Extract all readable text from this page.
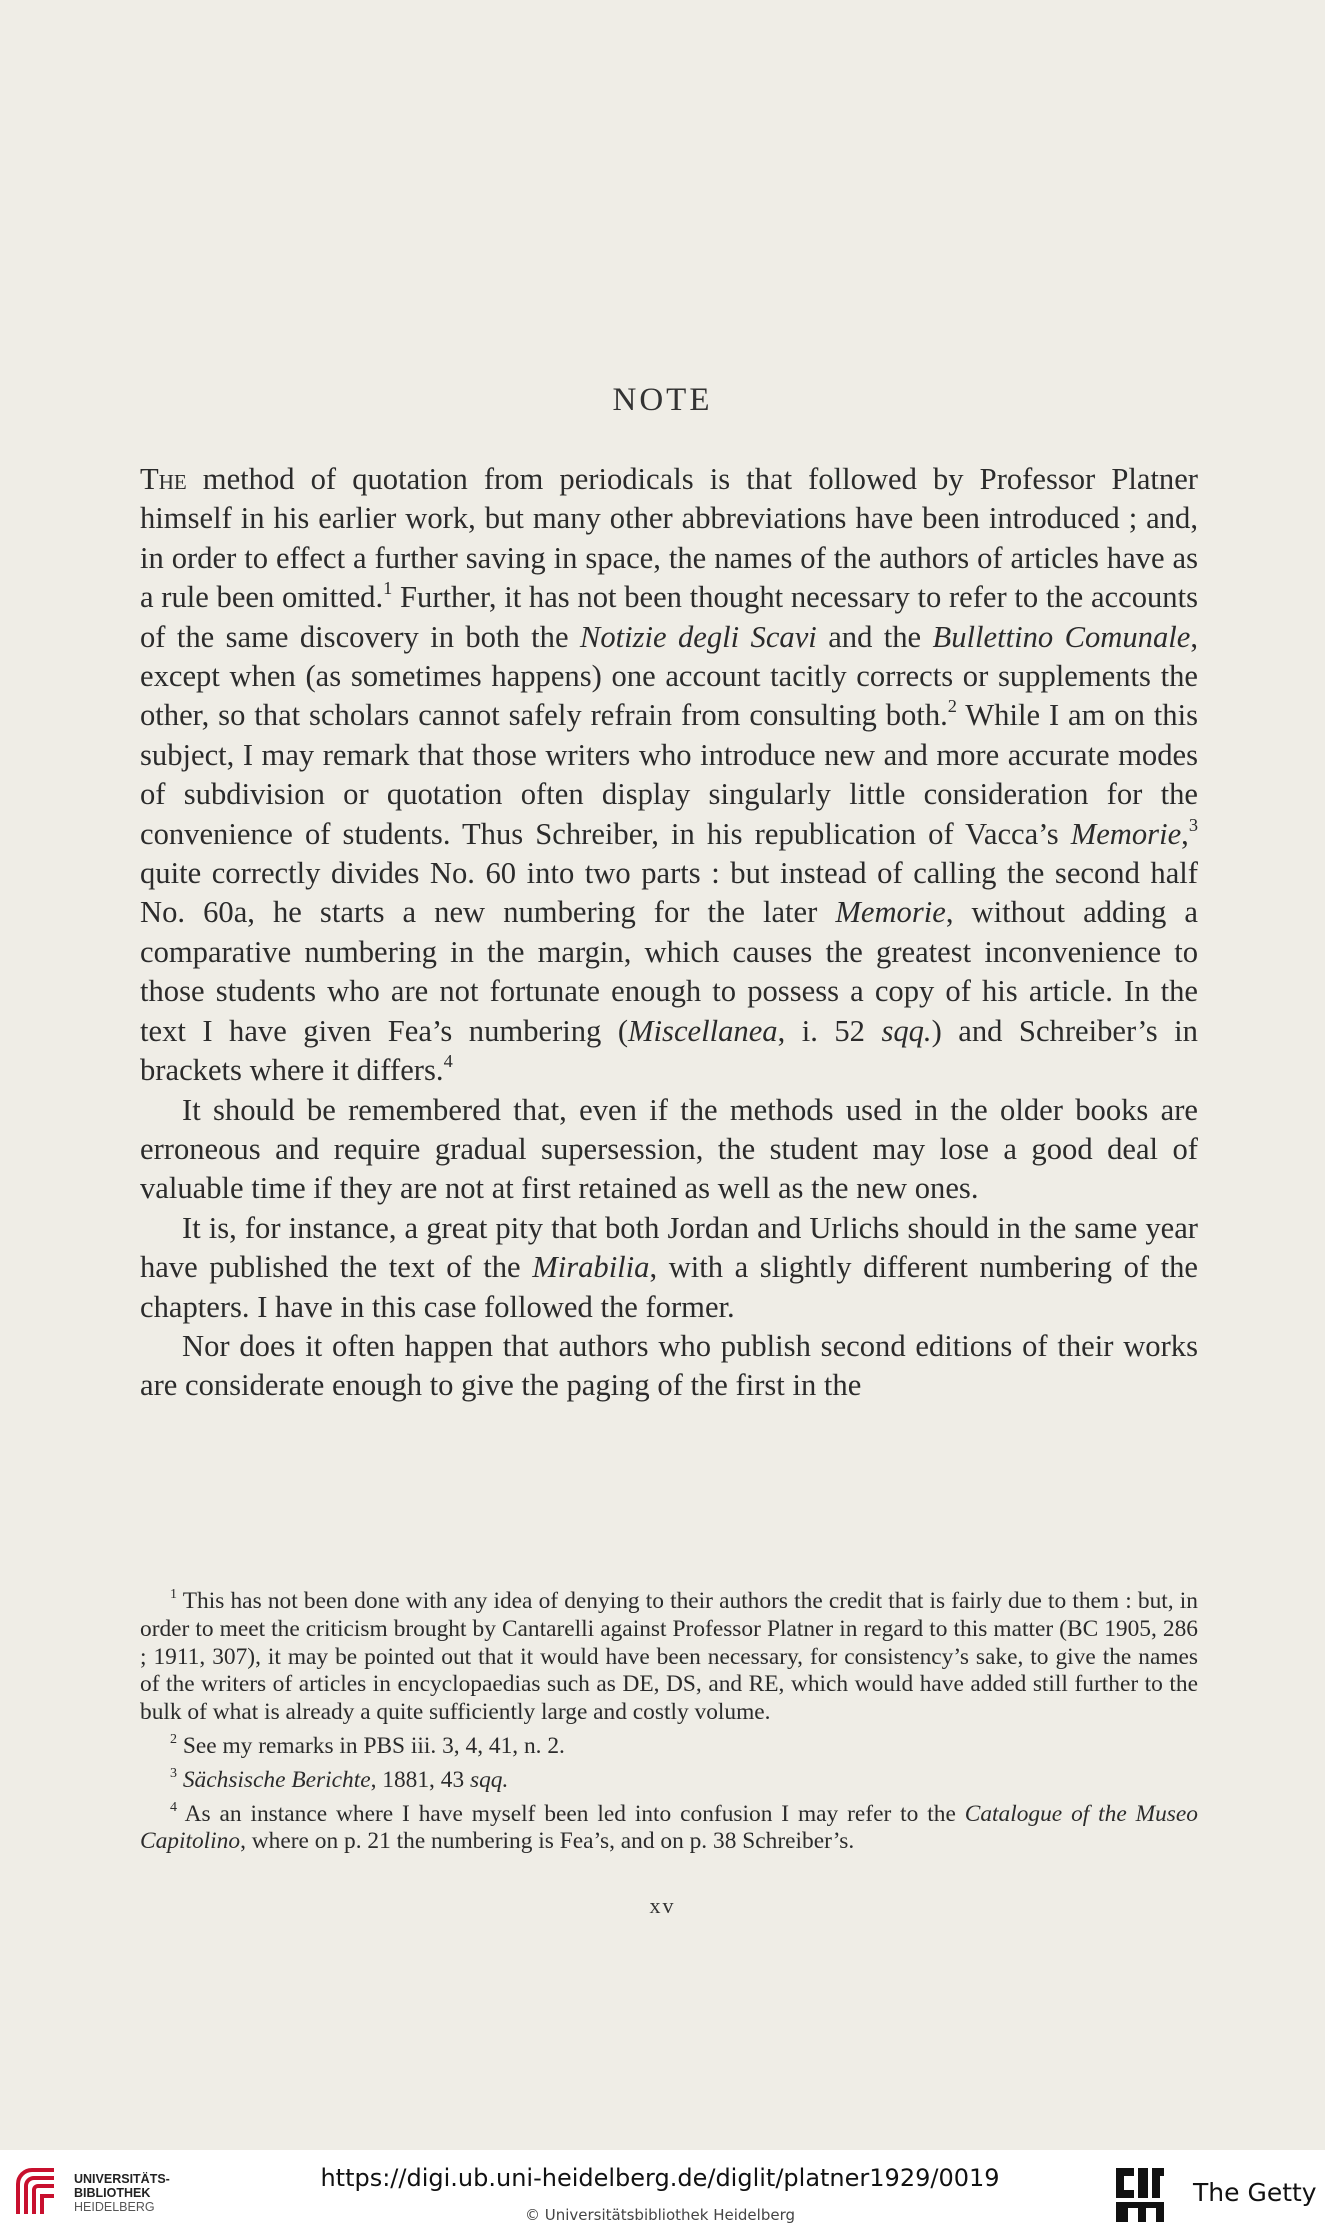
NOTE

The method of quotation from periodicals is that followed by Professor Platner himself in his earlier work, but many other abbreviations have been introduced ; and, in order to effect a further saving in space, the names of the authors of articles have as a rule been omitted.$^1$ Further, it has not been thought necessary to refer to the accounts of the same discovery in both the Notizie degli Scavi and the Bullettino Comunale, except when (as sometimes happens) one account tacitly corrects or supplements the other, so that scholars cannot safely refrain from consulting both.$^2$ While I am on this subject, I may remark that those writers who introduce new and more accurate modes of subdivision or quotation often display singularly little consideration for the convenience of students. Thus Schreiber, in his republication of Vacca’s Memorie,$^3$ quite correctly divides No. 60 into two parts : but instead of calling the second half No. 60a, he starts a new numbering for the later Memorie, without adding a comparative numbering in the margin, which causes the greatest inconvenience to those students who are not fortunate enough to possess a copy of his article. In the text I have given Fea’s numbering (Miscellanea, i. 52 sqq.) and Schreiber’s in brackets where it differs.$^4$

It should be remembered that, even if the methods used in the older books are erroneous and require gradual supersession, the student may lose a good deal of valuable time if they are not at first retained as well as the new ones.

It is, for instance, a great pity that both Jordan and Urlichs should in the same year have published the text of the Mirabilia, with a slightly different numbering of the chapters. I have in this case followed the former.

Nor does it often happen that authors who publish second editions of their works are considerate enough to give the paging of the first in the

$^1$ This has not been done with any idea of denying to their authors the credit that is fairly due to them : but, in order to meet the criticism brought by Cantarelli against Professor Platner in regard to this matter (BC 1905, 286 ; 1911, 307), it may be pointed out that it would have been necessary, for consistency’s sake, to give the names of the writers of articles in encyclopaedias such as DE, DS, and RE, which would have added still further to the bulk of what is already a quite sufficiently large and costly volume.

$^2$ See my remarks in PBS iii. 3, 4, 41, n. 2.

$^3$ Sächsische Berichte, 1881, 43 sqq.

$^4$ As an instance where I have myself been led into confusion I may refer to the Catalogue of the Museo Capitolino, where on p. 21 the numbering is Fea’s, and on p. 38 Schreiber’s.

xv
UNIVERSITÄTS-
BIBLIOTHEK
HEIDELBERG
https://digi.ub.uni-heidelberg.de/diglit/platner1929/0019
© Universitätsbibliothek Heidelberg
The Getty
